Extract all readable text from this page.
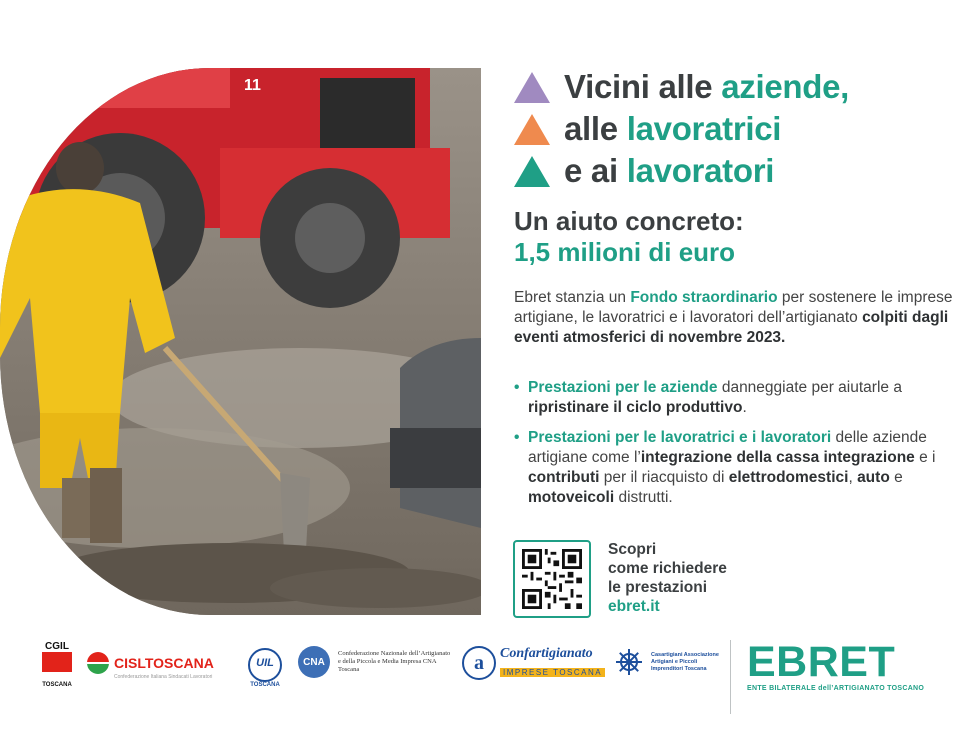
11	Vicini alle aziende,
alle lavoratrici
e ai lavoratori
Un aiuto concreto:
1,5 milioni di euro
Ebret stanzia un Fondo straordinario per sostenere le imprese artigiane, le lavoratrici e i lavoratori dell’artigianato colpiti dagli eventi atmosferici di novembre 2023.
• Prestazioni per le aziende danneggiate per aiutarle a ripristinare il ciclo produttivo.
• Prestazioni per le lavoratrici e i lavoratori delle aziende artigiane come l’integrazione della cassa integrazione e i contributi per il riacquisto di elettrodomestici, auto e motoveicoli distrutti.
Scopri
come richiedere
le prestazioni
ebret.it
CGIL
TOSCANA
CISLTOSCANA
Confederazione Italiana Sindacati Lavoratori
UIL
TOSCANA
CNA
Confederazione Nazionale dell’Artigianato e della Piccola e Media Impresa CNA Toscana	a	Confartigianato
IMPRESE TOSCANA
Casartigiani Associazione Artigiani e Piccoli Imprenditori Toscana EBRET
ENTE BILATERALE dell’ARTIGIANATO TOSCANO
